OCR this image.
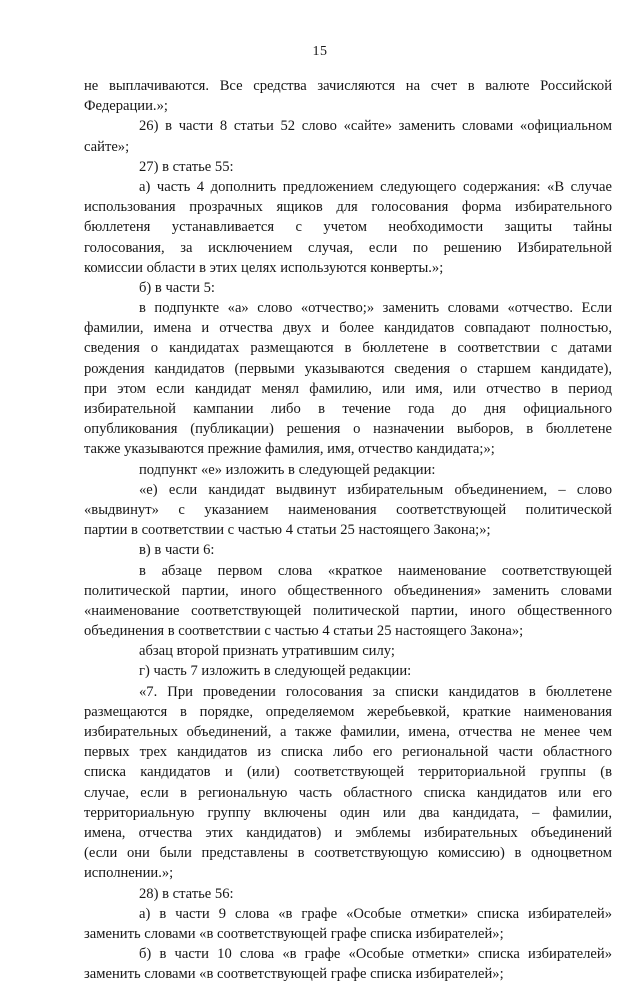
15
не выплачиваются. Все средства зачисляются на счет в валюте Российской
Федерации.»;
26) в части 8 статьи 52 слово «сайте» заменить словами «официальном
сайте»;
27) в статье 55:
а) часть 4 дополнить предложением следующего содержания: «В случае
использования прозрачных ящиков для голосования форма избирательного
бюллетеня устанавливается с учетом необходимости защиты тайны
голосования, за исключением случая, если по решению Избирательной
комиссии области в этих целях используются конверты.»;
б) в части 5:
в подпункте «а» слово «отчество;» заменить словами «отчество. Если
фамилии, имена и отчества двух и более кандидатов совпадают полностью,
сведения о кандидатах размещаются в бюллетене в соответствии с датами
рождения кандидатов (первыми указываются сведения о старшем кандидате),
при этом если кандидат менял фамилию, или имя, или отчество в период
избирательной кампании либо в течение года до дня официального
опубликования (публикации) решения о назначении выборов, в бюллетене
также указываются прежние фамилия, имя, отчество кандидата;»;
подпункт «е» изложить в следующей редакции:
«е) если кандидат выдвинут избирательным объединением, – слово
«выдвинут» с указанием наименования соответствующей политической
партии в соответствии с частью 4 статьи 25 настоящего Закона;»;
в) в части 6:
в абзаце первом слова «краткое наименование соответствующей
политической партии, иного общественного объединения» заменить словами
«наименование соответствующей политической партии, иного общественного
объединения в соответствии с частью 4 статьи 25 настоящего Закона»;
абзац второй признать утратившим силу;
г) часть 7 изложить в следующей редакции:
«7. При проведении голосования за списки кандидатов в бюллетене
размещаются в порядке, определяемом жеребьевкой, краткие наименования
избирательных объединений, а также фамилии, имена, отчества не менее чем
первых трех кандидатов из списка либо его региональной части областного
списка кандидатов и (или) соответствующей территориальной группы (в
случае, если в региональную часть областного списка кандидатов или его
территориальную группу включены один или два кандидата, – фамилии,
имена, отчества этих кандидатов) и эмблемы избирательных объединений
(если они были представлены в соответствующую комиссию) в одноцветном
исполнении.»;
28) в статье 56:
а) в части 9 слова «в графе «Особые отметки» списка избирателей»
заменить словами «в соответствующей графе списка избирателей»;
б) в части 10 слова «в графе «Особые отметки» списка избирателей»
заменить словами «в соответствующей графе списка избирателей»;
